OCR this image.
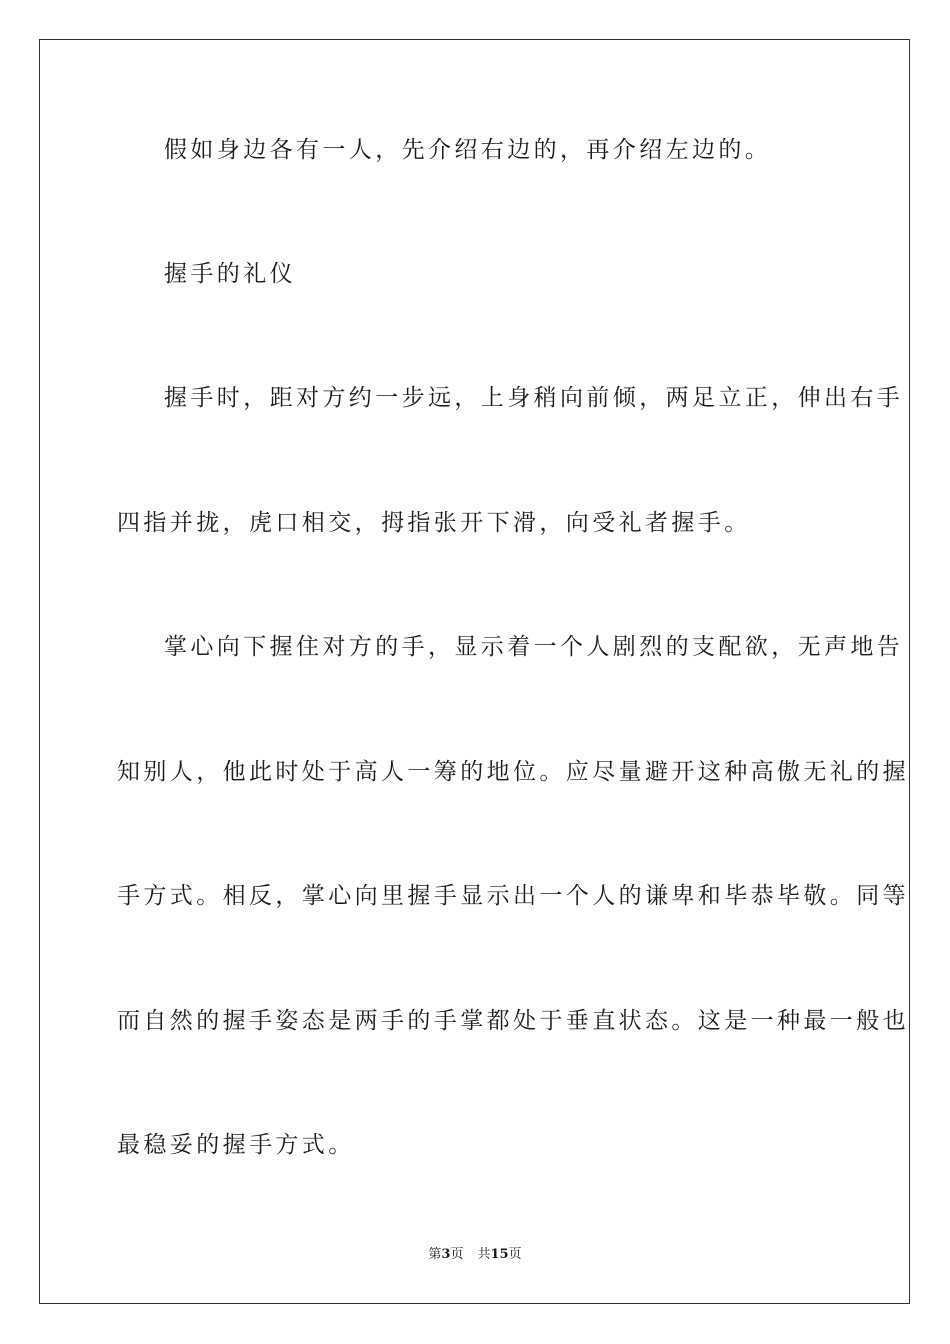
假如身边各有一人，先介绍右边的，再介绍左边的。

握手的礼仪

握手时，距对方约一步远，上身稍向前倾，两足立正，伸出右手

四指并拢，虎口相交，拇指张开下滑，向受礼者握手。

掌心向下握住对方的手，显示着一个人剧烈的支配欲，无声地告

知别人，他此时处于高人一筹的地位。应尽量避开这种高傲无礼的握

手方式。相反，掌心向里握手显示出一个人的谦卑和毕恭毕敬。同等

而自然的握手姿态是两手的手掌都处于垂直状态。这是一种最一般也

最稳妥的握手方式。

第3页 共15页
